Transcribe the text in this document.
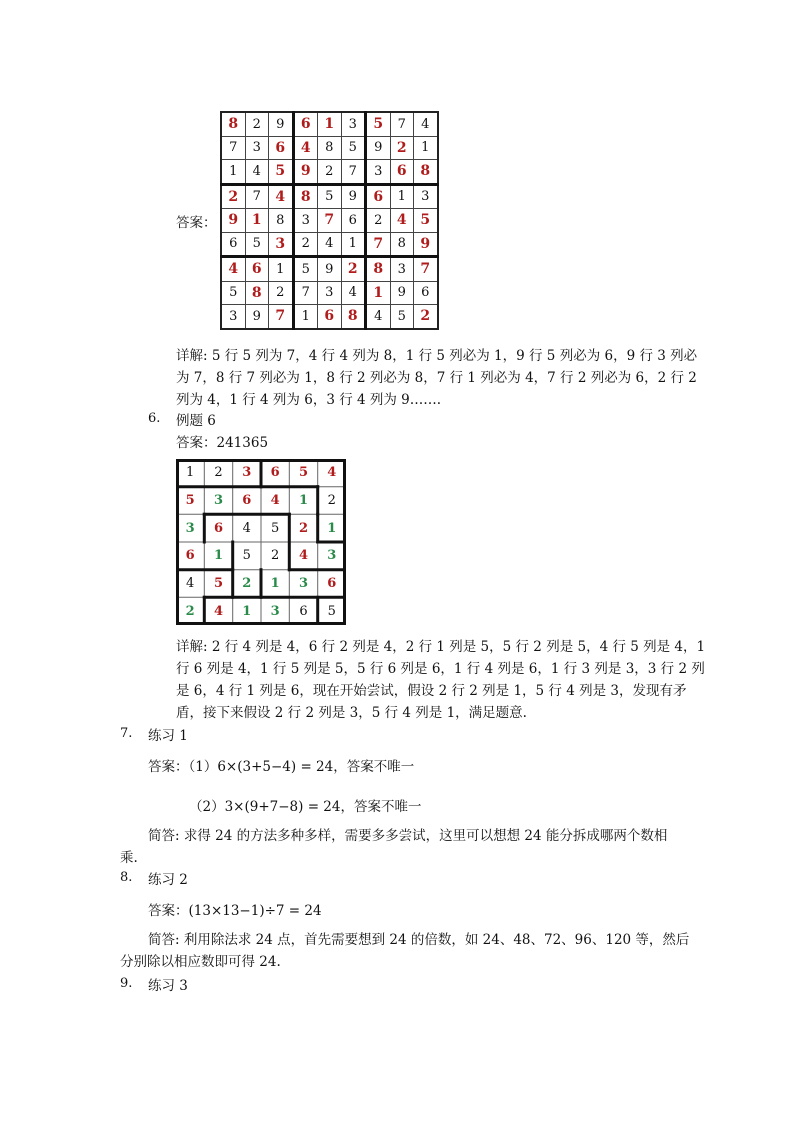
答案：
8	2	9	6	1	3	5	7	4
7	3	6	4	8	5	9	2	1
1	4	5	9	2	7	3	6	8
2	7	4	8	5	9	6	1	3
9	1	8	3	7	6	2	4	5
6	5	3	2	4	1	7	8	9
4	6	1	5	9	2	8	3	7
5	8	2	7	3	4	1	9	6
3	9	7	1	6	8	4	5	2
详解: 5 行 5 列为 7，4 行 4 列为 8，1 行 5 列必为 1，9 行 5 列必为 6，9 行 3 列必
为 7，8 行 7 列必为 1，8 行 2 列必为 8，7 行 1 列必为 4，7 行 2 列必为 6，2 行 2
列为 4，1 行 4 列为 6，3 行 4 列为 9…….
6. 例题 6
答案：241365
1	2	3	6	5	4
5	3	6	4	1	2
3	6	4	5	2	1
6	1	5	2	4	3
4	5	2	1	3	6
2	4	1	3	6	5
详解: 2 行 4 列是 4，6 行 2 列是 4，2 行 1 列是 5，5 行 2 列是 5，4 行 5 列是 4，1
行 6 列是 4，1 行 5 列是 5，5 行 6 列是 6，1 行 4 列是 6，1 行 3 列是 3，3 行 2 列
是 6，4 行 1 列是 6，现在开始尝试，假设 2 行 2 列是 1，5 行 4 列是 3，发现有矛
盾，接下来假设 2 行 2 列是 3，5 行 4 列是 1，满足题意.
7. 练习 1
答案：（1）6×(3+5−4) = 24，答案不唯一
（2）3×(9+7−8) = 24，答案不唯一
简答: 求得 24 的方法多种多样，需要多多尝试，这里可以想想 24 能分拆成哪两个数相
乘.
8. 练习 2
答案：(13×13−1)÷7 = 24
简答: 利用除法求 24 点，首先需要想到 24 的倍数，如 24、48、72、96、120 等，然后
分别除以相应数即可得 24.
9. 练习 3
